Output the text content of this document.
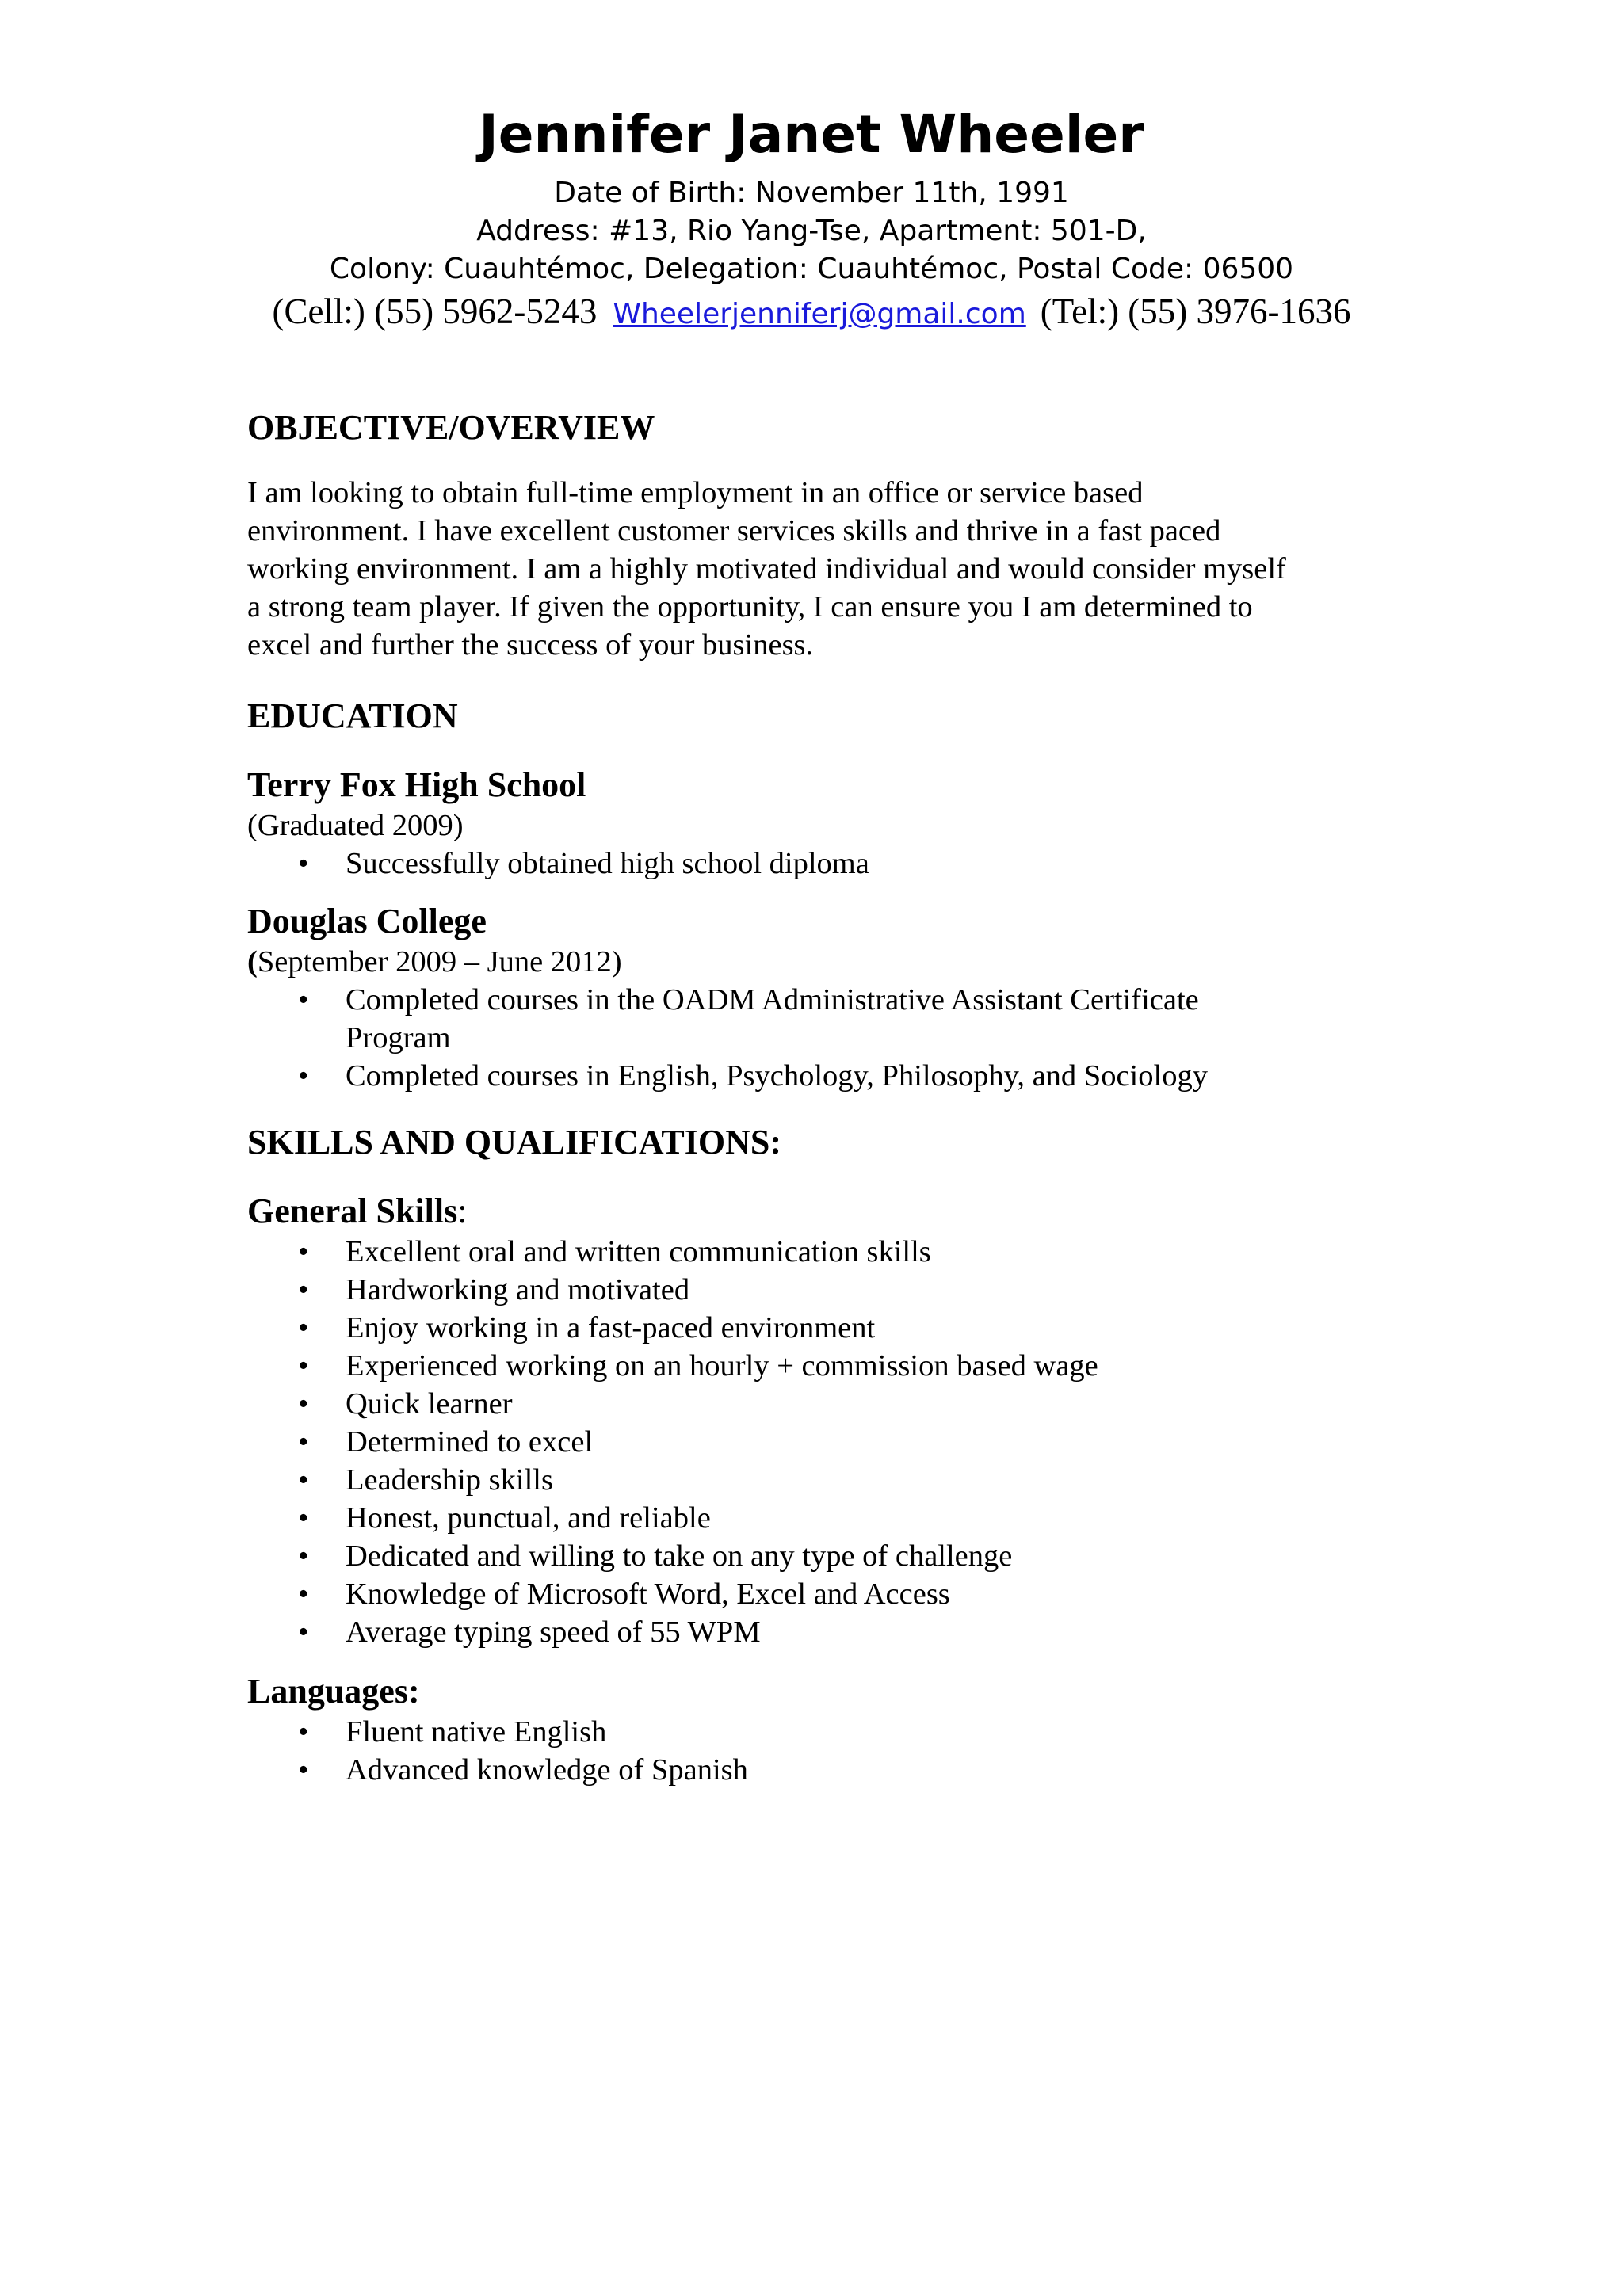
Jennifer Janet Wheeler
Date of Birth: November 11th, 1991
Address: #13, Rio Yang-Tse, Apartment: 501-D,
Colony: Cuauhtémoc, Delegation: Cuauhtémoc, Postal Code: 06500
(Cell:) (55) 5962-5243 Wheelerjenniferj@gmail.com (Tel:) (55) 3976-1636
OBJECTIVE/OVERVIEW
I am looking to obtain full-time employment in an office or service based
environment. I have excellent customer services skills and thrive in a fast paced
working environment. I am a highly motivated individual and would consider myself
a strong team player. If given the opportunity, I can ensure you I am determined to
excel and further the success of your business.
EDUCATION
Terry Fox High School
(Graduated 2009)
• Successfully obtained high school diploma
Douglas College
(September 2009 – June 2012)
• Completed courses in the OADM Administrative Assistant Certificate
Program
• Completed courses in English, Psychology, Philosophy, and Sociology
SKILLS AND QUALIFICATIONS:
General Skills:
• Excellent oral and written communication skills
• Hardworking and motivated
• Enjoy working in a fast-paced environment
• Experienced working on an hourly + commission based wage
• Quick learner
• Determined to excel
• Leadership skills
• Honest, punctual, and reliable
• Dedicated and willing to take on any type of challenge
• Knowledge of Microsoft Word, Excel and Access
• Average typing speed of 55 WPM
Languages:
• Fluent native English
• Advanced knowledge of Spanish
